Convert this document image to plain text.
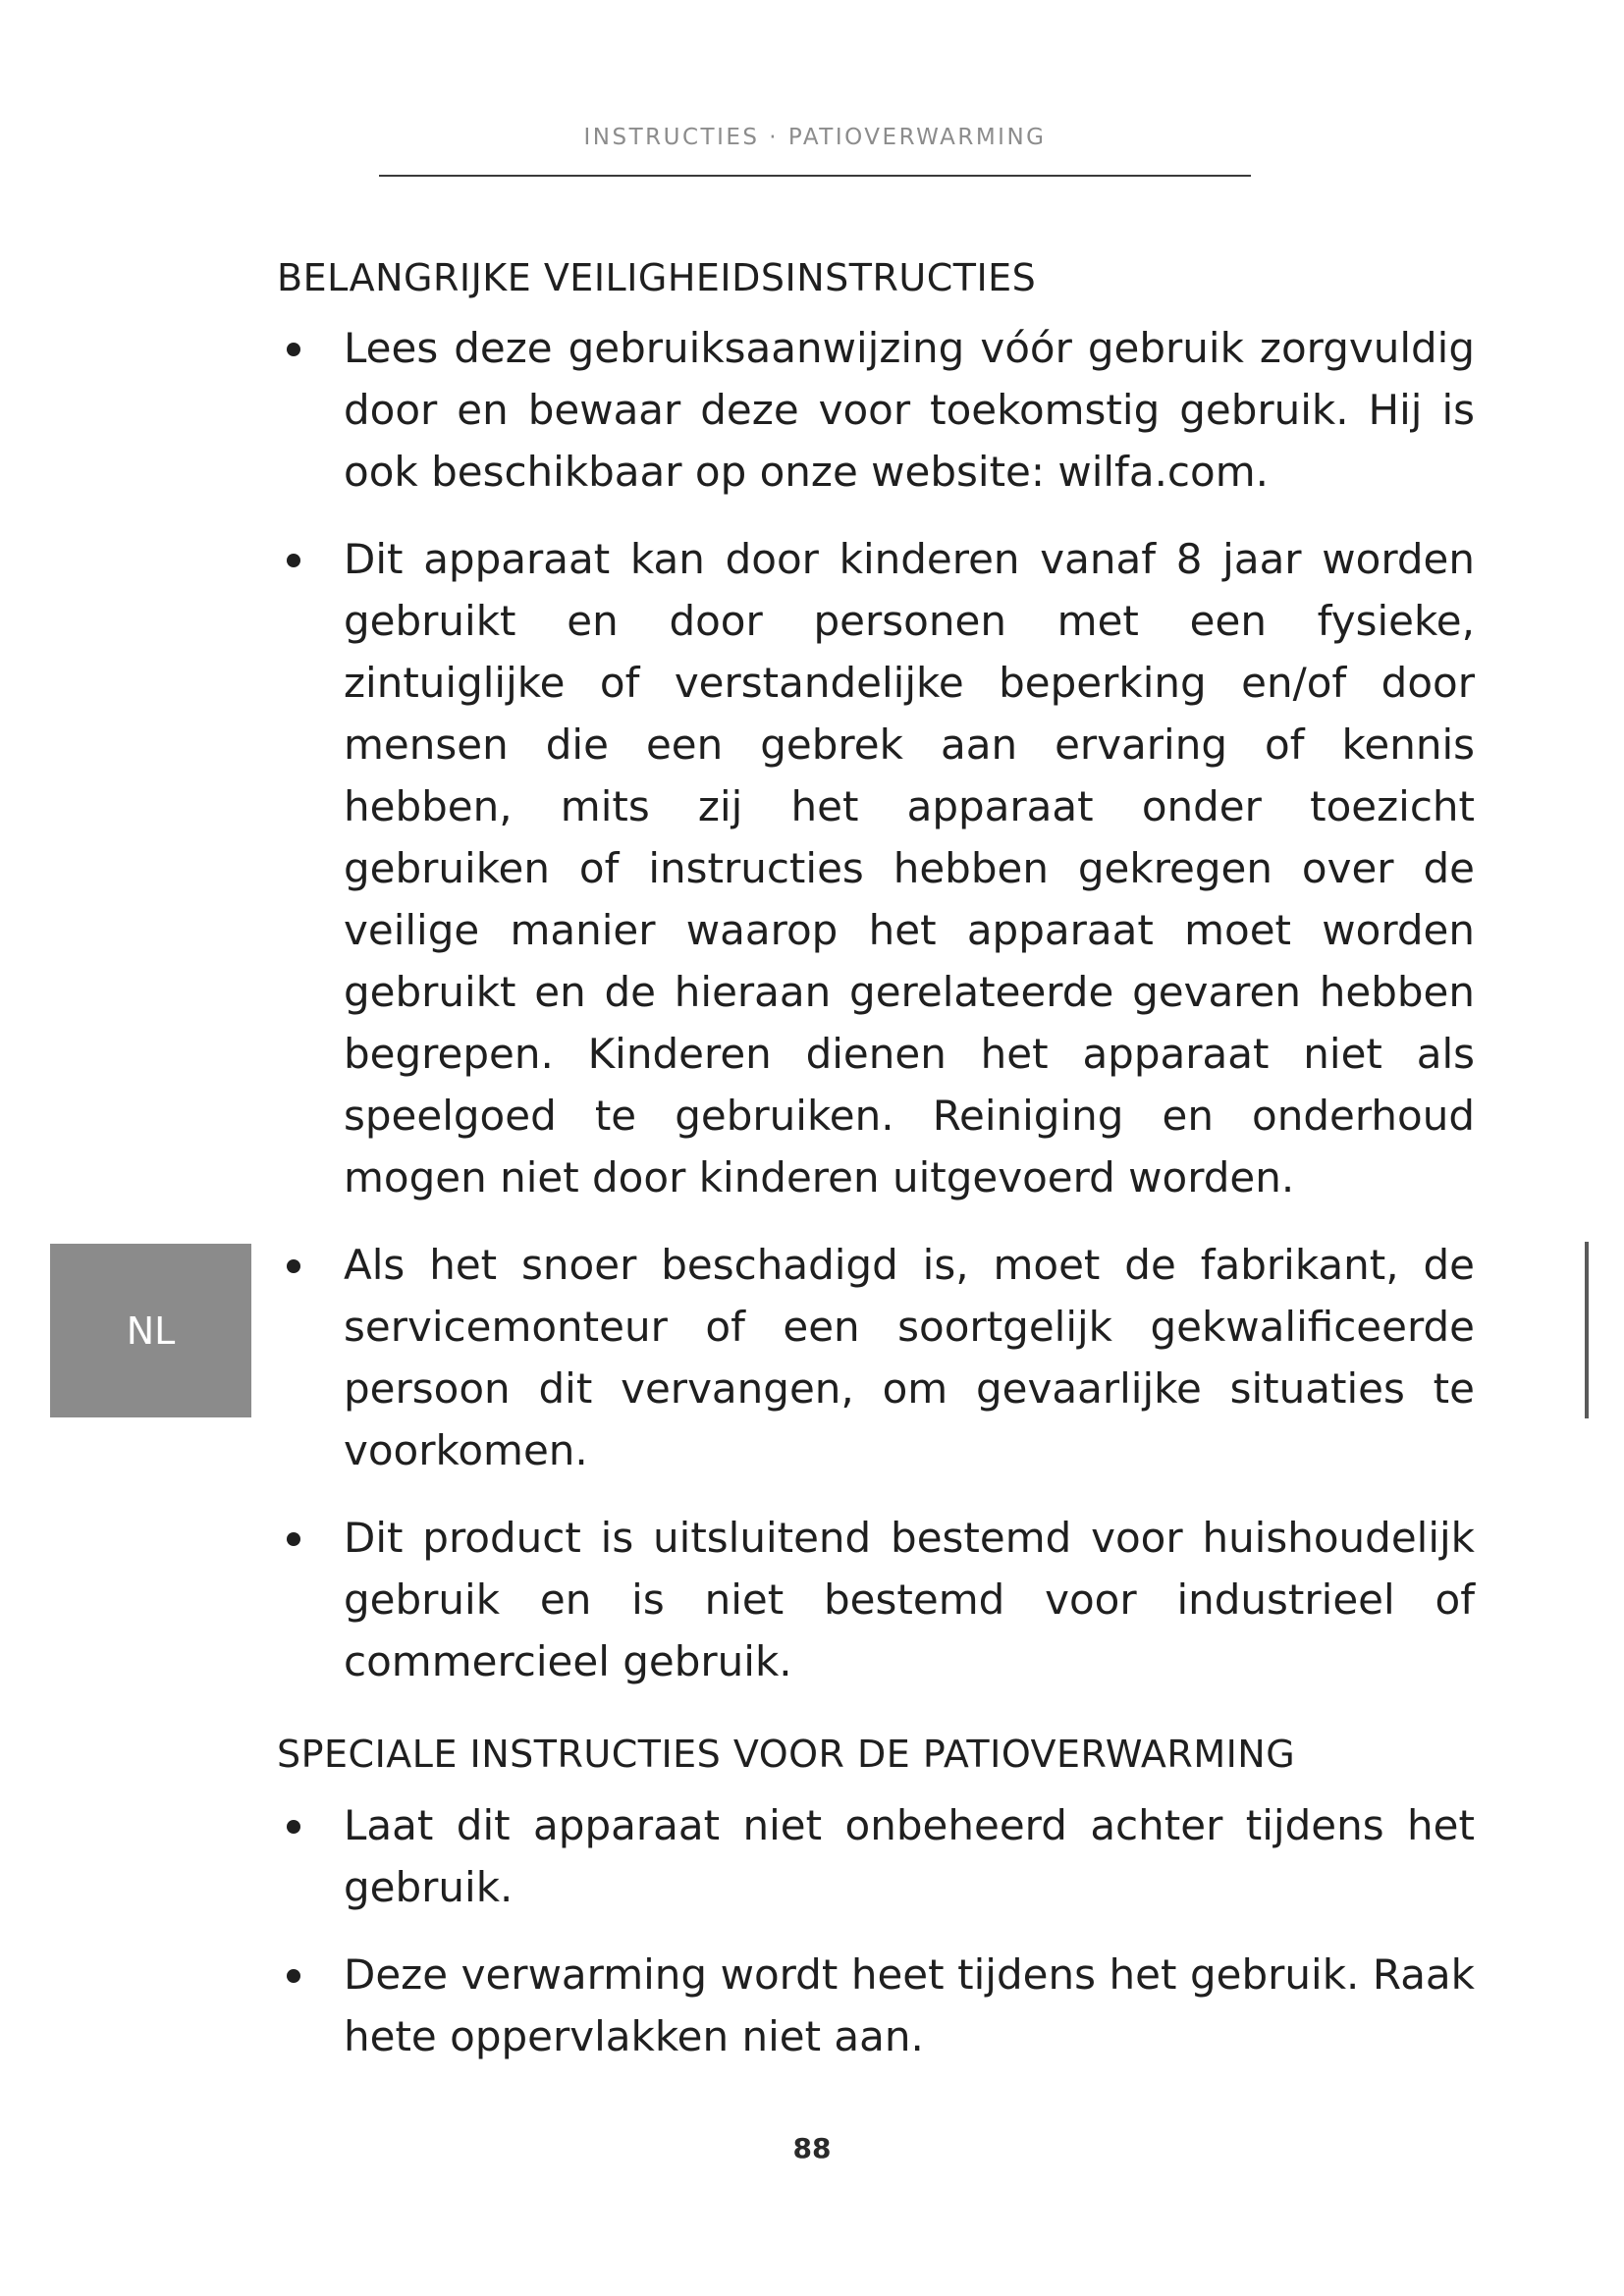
INSTRUCTIES · PATIOVERWARMING
BELANGRIJKE VEILIGHEIDSINSTRUCTIES
Lees deze gebruiksaanwijzing vóór gebruik zorgvuldig door en bewaar deze voor toekomstig gebruik. Hij is ook beschikbaar op onze website: wilfa.com.
Dit apparaat kan door kinderen vanaf 8 jaar worden gebruikt en door personen met een fysieke, zintuiglijke of verstandelijke beperking en/of door mensen die een gebrek aan ervaring of kennis hebben, mits zij het apparaat onder toezicht gebruiken of instructies hebben gekregen over de veilige manier waarop het apparaat moet worden gebruikt en de hieraan gerelateerde gevaren hebben begrepen. Kinderen dienen het apparaat niet als speelgoed te gebruiken. Reiniging en onderhoud mogen niet door kinderen uitgevoerd worden.
Als het snoer beschadigd is, moet de fabrikant, de servicemonteur of een soortgelijk gekwalificeerde persoon dit vervangen, om gevaarlijke situaties te voorkomen.
Dit product is uitsluitend bestemd voor huishoudelijk gebruik en is niet bestemd voor industrieel of commercieel gebruik.
SPECIALE INSTRUCTIES VOOR DE PATIOVERWARMING
Laat dit apparaat niet onbeheerd achter tijdens het gebruik.
Deze verwarming wordt heet tijdens het gebruik. Raak hete oppervlakken niet aan.
NL
88
